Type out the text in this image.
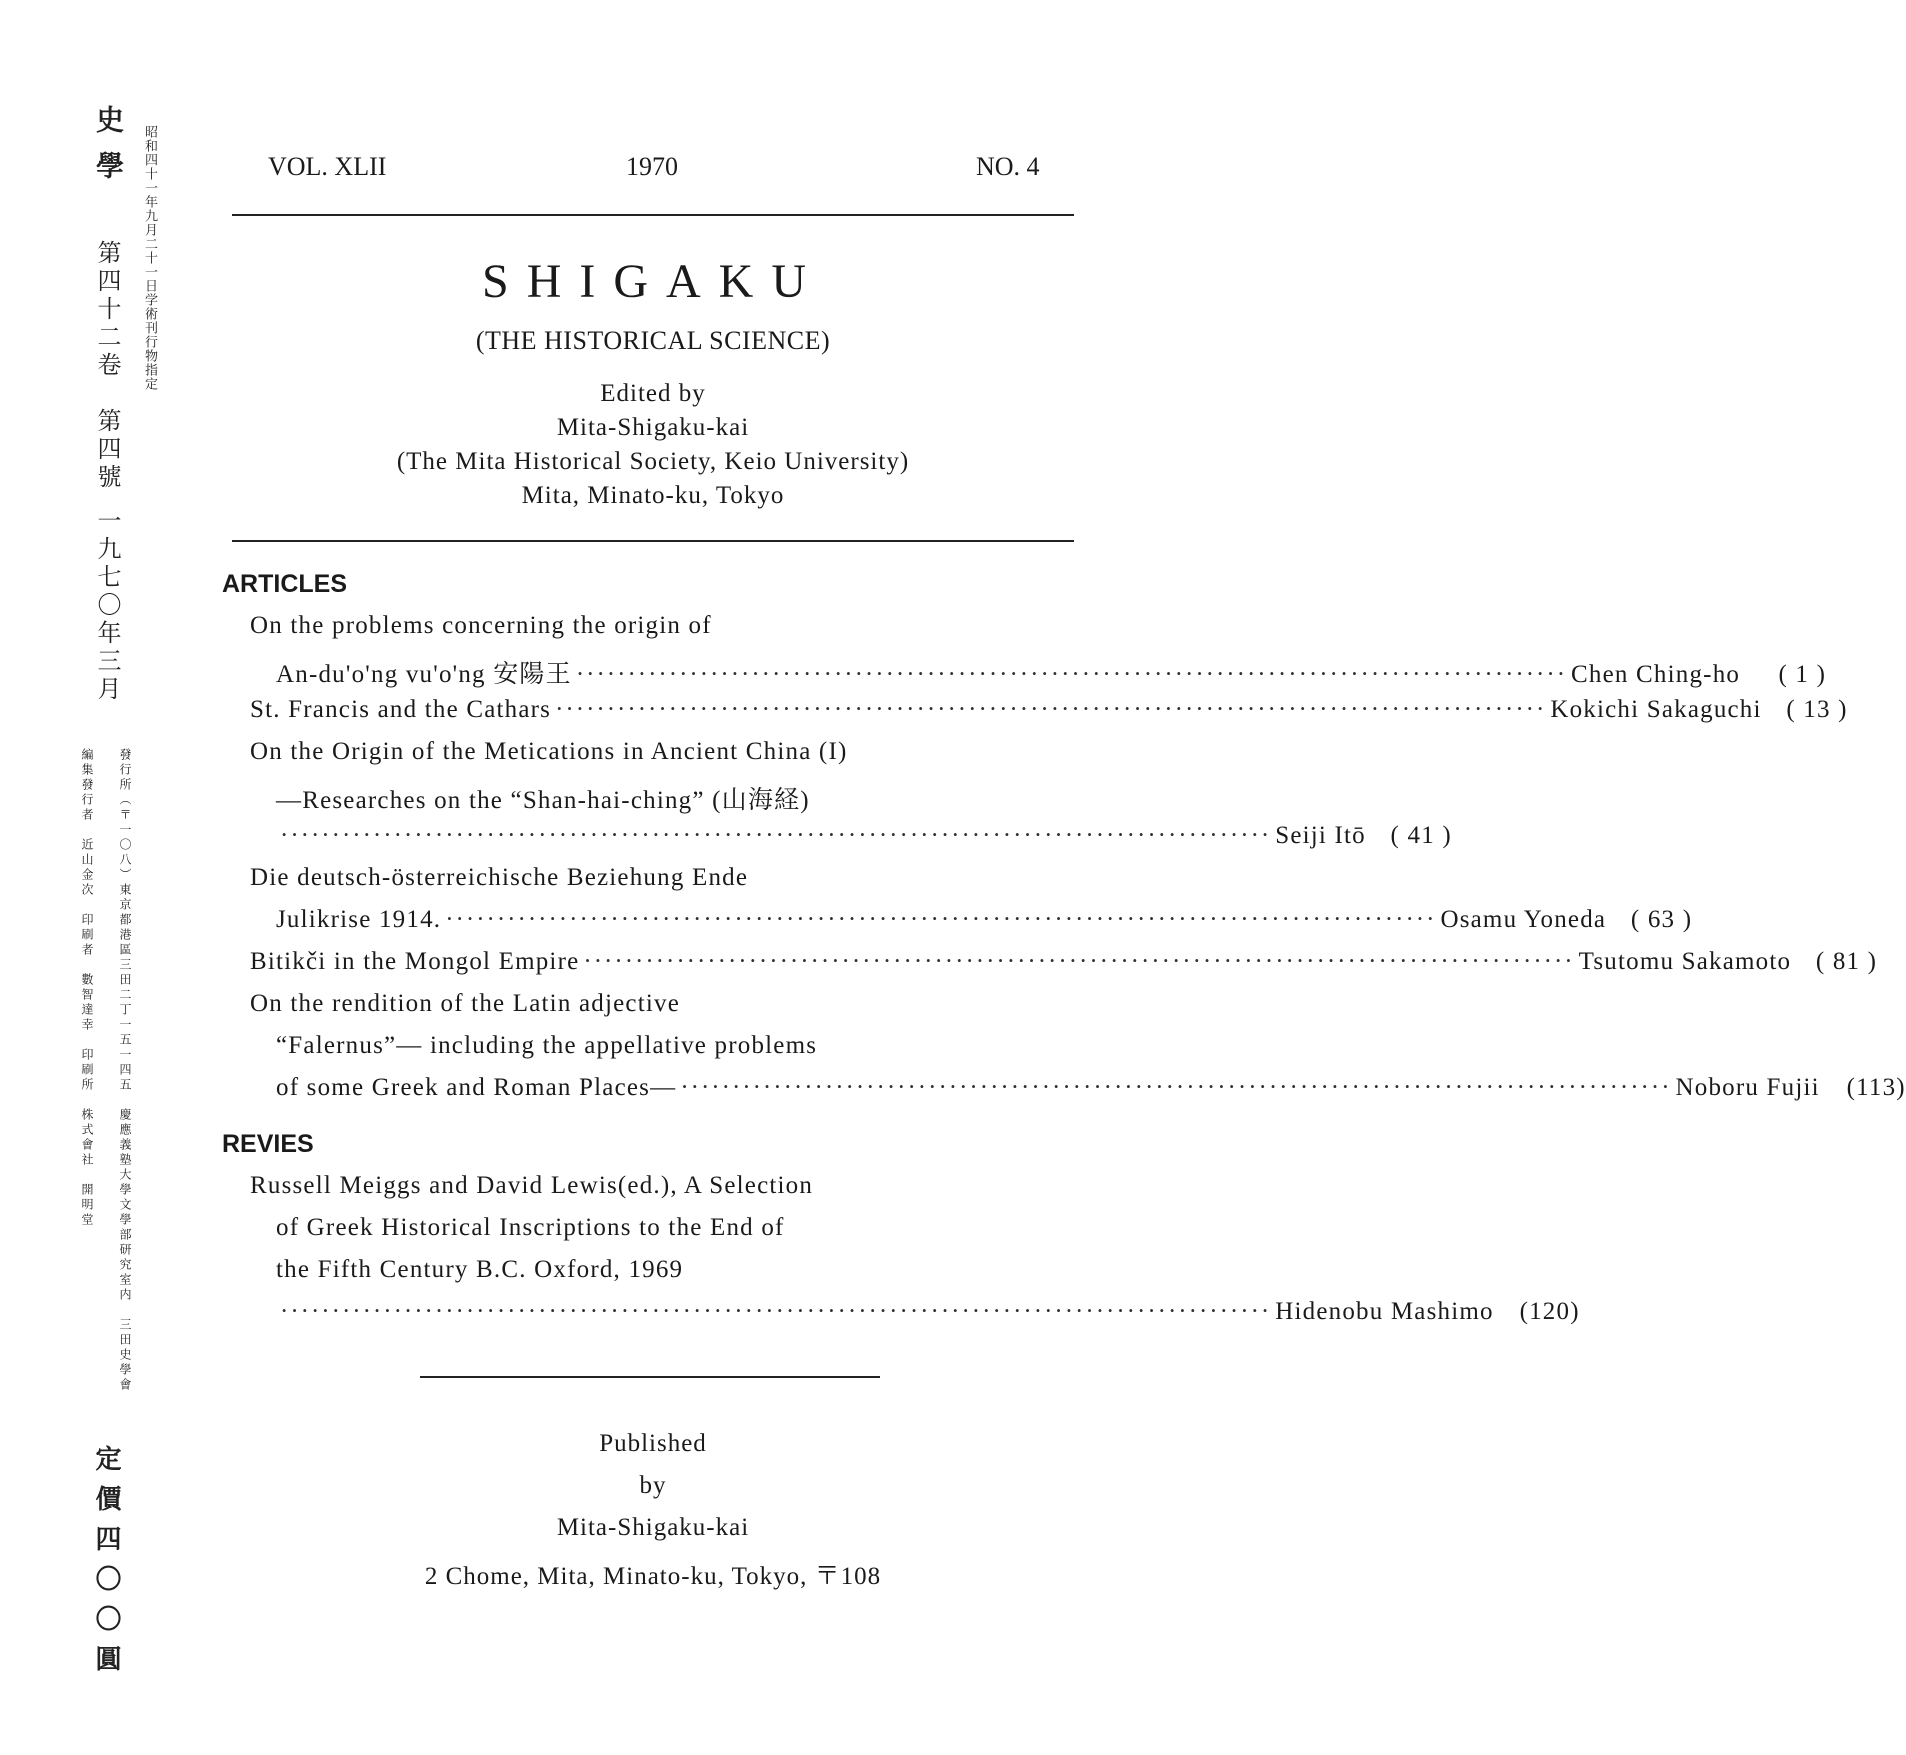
史學
第四十二卷　第四號
一九七〇年三月
昭和四十一年九月二十一日学術刊行物指定
發行所（〒一〇八）東京都港區三田二丁一五一四五　慶應義塾大學文學部研究室内　三田史學會
編集發行者　近山金次　印刷者　數智達幸　印刷所　株式會社　開明堂
定價四〇〇圓
VOL. XLII	1970	NO. 4
SHIGAKU
(THE HISTORICAL SCIENCE)
Edited by
Mita-Shigaku-kai
(The Mita Historical Society, Keio University)
Mita, Minato-ku, Tokyo
ARTICLES
On the problems concerning the origin of
An-du'o'ng vu'o'ng 安陽王 ································································································ Chen Ching-ho	( 1 )
St. Francis and the Cathars ································································································ Kokichi Sakaguchi ( 13 )
On the Origin of the Metications in Ancient China (I)
—Researches on the “Shan-hai-ching” (山海経)
································································································ Seiji Itō ( 41 )
Die deutsch-österreichische Beziehung Ende
Julikrise 1914. ································································································ Osamu Yoneda ( 63 )
Bitikči in the Mongol Empire ································································································ Tsutomu Sakamoto ( 81 )
On the rendition of the Latin adjective
“Falernus”— including the appellative problems
of some Greek and Roman Places— ································································································ Noboru Fujii	(113)
REVIES
Russell Meiggs and David Lewis(ed.), A Selection
of Greek Historical Inscriptions to the End of
the Fifth Century B.C. Oxford, 1969
································································································ Hidenobu Mashimo	(120)
Published
by
Mita-Shigaku-kai
2 Chome, Mita, Minato-ku, Tokyo, 〒108
